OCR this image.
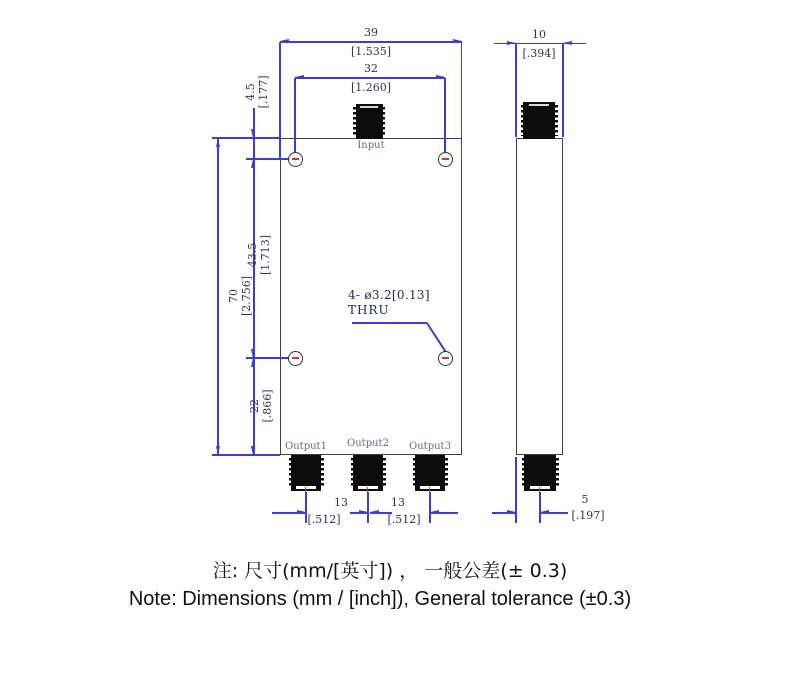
Input
Output1	Output2	Output3
39
[1.535]
32
[1.260]
4.5 [.177]
70 [2.756]
43.5 [1.713]
22 [.866]
4- ø3.2[0.13]
THRU
13
[.512]
13
[.512]
10
[.394]
5
[.197]
注: 尺寸(mm/[英寸]) ， 一般公差(± 0.3)
Note: Dimensions (mm / [inch]), General tolerance (±0.3)
